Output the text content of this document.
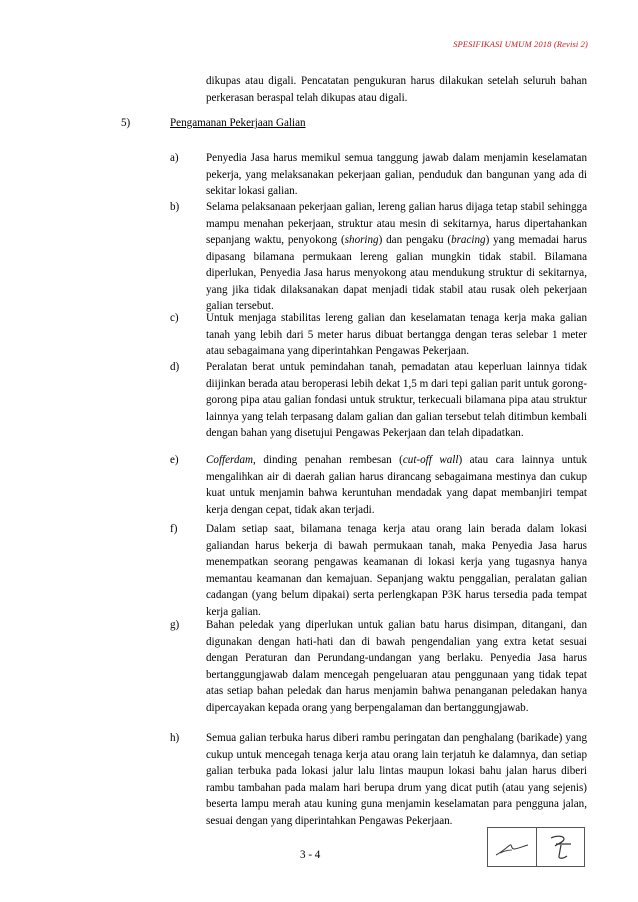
SPESIFIKASI UMUM 2018 (Revisi 2)
dikupas atau digali. Pencatatan pengukuran harus dilakukan setelah seluruh bahan perkerasan beraspal telah dikupas atau digali.
5)	Pengamanan Pekerjaan Galian
a) Penyedia Jasa harus memikul semua tanggung jawab dalam menjamin keselamatan pekerja, yang melaksanakan pekerjaan galian, penduduk dan bangunan yang ada di sekitar lokasi galian.
b) Selama pelaksanaan pekerjaan galian, lereng galian harus dijaga tetap stabil sehingga mampu menahan pekerjaan, struktur atau mesin di sekitarnya, harus dipertahankan sepanjang waktu, penyokong (shoring) dan pengaku (bracing) yang memadai harus dipasang bilamana permukaan lereng galian mungkin tidak stabil. Bilamana diperlukan, Penyedia Jasa harus menyokong atau mendukung struktur di sekitarnya, yang jika tidak dilaksanakan dapat menjadi tidak stabil atau rusak oleh pekerjaan galian tersebut.
c) Untuk menjaga stabilitas lereng galian dan keselamatan tenaga kerja maka galian tanah yang lebih dari 5 meter harus dibuat bertangga dengan teras selebar 1 meter atau sebagaimana yang diperintahkan Pengawas Pekerjaan.
d) Peralatan berat untuk pemindahan tanah, pemadatan atau keperluan lainnya tidak diijinkan berada atau beroperasi lebih dekat 1,5 m dari tepi galian parit untuk gorong-gorong pipa atau galian fondasi untuk struktur, terkecuali bilamana pipa atau struktur lainnya yang telah terpasang dalam galian dan galian tersebut telah ditimbun kembali dengan bahan yang disetujui Pengawas Pekerjaan dan telah dipadatkan.
e) Cofferdam, dinding penahan rembesan (cut-off wall) atau cara lainnya untuk mengalihkan air di daerah galian harus dirancang sebagaimana mestinya dan cukup kuat untuk menjamin bahwa keruntuhan mendadak yang dapat membanjiri tempat kerja dengan cepat, tidak akan terjadi.
f)	Dalam setiap saat, bilamana tenaga kerja atau orang lain berada dalam lokasi galiandan harus bekerja di bawah permukaan tanah, maka Penyedia Jasa harus menempatkan seorang pengawas keamanan di lokasi kerja yang tugasnya hanya memantau keamanan dan kemajuan. Sepanjang waktu penggalian, peralatan galian cadangan (yang belum dipakai) serta perlengkapan P3K harus tersedia pada tempat kerja galian.
g) Bahan peledak yang diperlukan untuk galian batu harus disimpan, ditangani, dan digunakan dengan hati-hati dan di bawah pengendalian yang extra ketat sesuai dengan Peraturan dan Perundang-undangan yang berlaku. Penyedia Jasa harus bertanggungjawab dalam mencegah pengeluaran atau penggunaan yang tidak tepat atas setiap bahan peledak dan harus menjamin bahwa penanganan peledakan hanya dipercayakan kepada orang yang berpengalaman dan bertanggungjawab.
h) Semua galian terbuka harus diberi rambu peringatan dan penghalang (barikade) yang cukup untuk mencegah tenaga kerja atau orang lain terjatuh ke dalamnya, dan setiap galian terbuka pada lokasi jalur lalu lintas maupun lokasi bahu jalan harus diberi rambu tambahan pada malam hari berupa drum yang dicat putih (atau yang sejenis) beserta lampu merah atau kuning guna menjamin keselamatan para pengguna jalan, sesuai dengan yang diperintahkan Pengawas Pekerjaan.
3 - 4
